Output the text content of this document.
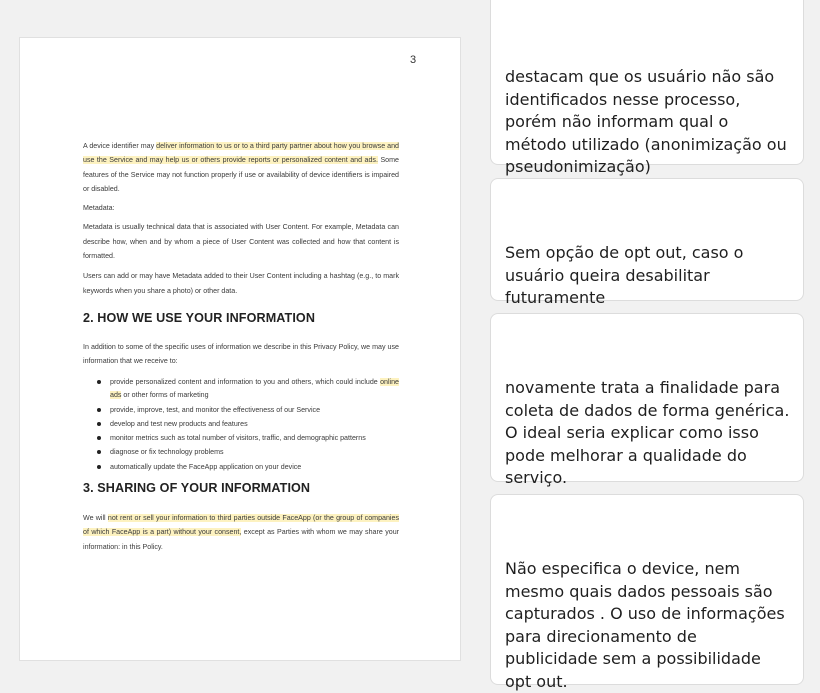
3

A device identifier may deliver information to us or to a third party partner about how you browse and use the Service and may help us or others provide reports or personalized content and ads. Some features of the Service may not function properly if use or availability of device identifiers is impaired or disabled.

Metadata:

Metadata is usually technical data that is associated with User Content. For example, Metadata can describe how, when and by whom a piece of User Content was collected and how that content is formatted.

Users can add or may have Metadata added to their User Content including a hashtag (e.g., to mark keywords when you share a photo) or other data.

2. HOW WE USE YOUR INFORMATION

In addition to some of the specific uses of information we describe in this Privacy Policy, we may use information that we receive to:

provide personalized content and information to you and others, which could include online ads or other forms of marketing
provide, improve, test, and monitor the effectiveness of our Service
develop and test new products and features
monitor metrics such as total number of visitors, traffic, and demographic patterns
diagnose or fix technology problems
automatically update the FaceApp application on your device
3. SHARING OF YOUR INFORMATION

We will not rent or sell your information to third parties outside FaceApp (or the group of companies of which FaceApp is a part) without your consent, except as Parties with whom we may share your information: in this Policy.

destacam que os usuário não são identificados nesse processo, porém não informam qual o método utilizado (anonimização ou pseudonimização)
Sem opção de opt out, caso o usuário queira desabilitar futuramente
novamente trata a finalidade para coleta de dados de forma genérica. O ideal seria explicar como isso pode melhorar a qualidade do serviço.
Não especifica o device, nem mesmo quais dados pessoais são capturados . O uso de informações para direcionamento de publicidade sem a possibilidade opt out.
